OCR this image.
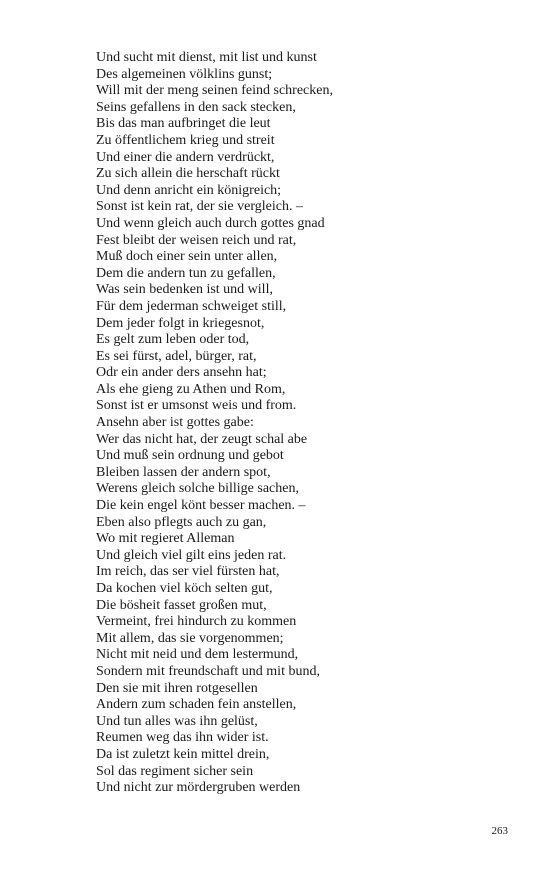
Und sucht mit dienst, mit list und kunst
Des algemeinen völklins gunst;
Will mit der meng seinen feind schrecken,
Seins gefallens in den sack stecken,
Bis das man aufbringet die leut
Zu öffentlichem krieg und streit
Und einer die andern verdrückt,
Zu sich allein die herschaft rückt
Und denn anricht ein königreich;
Sonst ist kein rat, der sie vergleich. –
Und wenn gleich auch durch gottes gnad
Fest bleibt der weisen reich und rat,
Muß doch einer sein unter allen,
Dem die andern tun zu gefallen,
Was sein bedenken ist und will,
Für dem jederman schweiget still,
Dem jeder folgt in kriegesnot,
Es gelt zum leben oder tod,
Es sei fürst, adel, bürger, rat,
Odr ein ander ders ansehn hat;
Als ehe gieng zu Athen und Rom,
Sonst ist er umsonst weis und from.
Ansehn aber ist gottes gabe:
Wer das nicht hat, der zeugt schal abe
Und muß sein ordnung und gebot
Bleiben lassen der andern spot,
Werens gleich solche billige sachen,
Die kein engel könt besser machen. –
Eben also pflegts auch zu gan,
Wo mit regieret Alleman
Und gleich viel gilt eins jeden rat.
Im reich, das ser viel fürsten hat,
Da kochen viel köch selten gut,
Die bösheit fasset großen mut,
Vermeint, frei hindurch zu kommen
Mit allem, das sie vorgenommen;
Nicht mit neid und dem lestermund,
Sondern mit freundschaft und mit bund,
Den sie mit ihren rotgesellen
Andern zum schaden fein anstellen,
Und tun alles was ihn gelüst,
Reumen weg das ihn wider ist.
Da ist zuletzt kein mittel drein,
Sol das regiment sicher sein
Und nicht zur mördergruben werden
263
